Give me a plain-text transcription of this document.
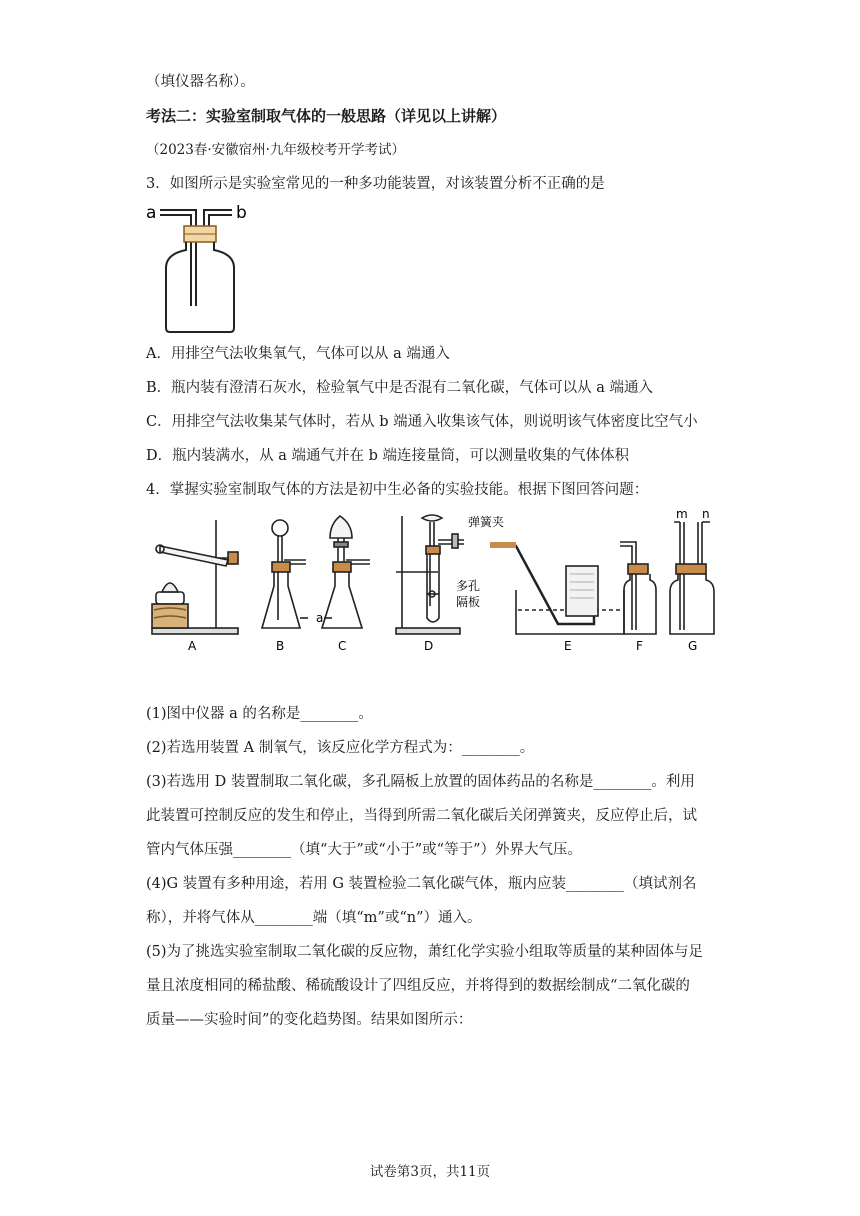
（填仪器名称）。
考法二：实验室制取气体的一般思路（详见以上讲解）
（2023春·安徽宿州·九年级校考开学考试）
3．如图所示是实验室常见的一种多功能装置，对该装置分析不正确的是
a	b
A．用排空气法收集氧气，气体可以从 a 端通入
B．瓶内装有澄清石灰水，检验氧气中是否混有二氧化碳，气体可以从 a 端通入
C．用排空气法收集某气体时，若从 b 端通入收集该气体，则说明该气体密度比空气小
D．瓶内装满水，从 a 端通气并在 b 端连接量筒，可以测量收集的气体体积
4．掌握实验室制取气体的方法是初中生必备的实验技能。根据下图回答问题：
a
弹簧夹
多孔
隔板
m n
A	B	C	D	E	F	G
(1)图中仪器 a 的名称是________。
(2)若选用装置 A 制氧气，该反应化学方程式为：________。
(3)若选用 D 装置制取二氧化碳，多孔隔板上放置的固体药品的名称是________。利用
此装置可控制反应的发生和停止，当得到所需二氧化碳后关闭弹簧夹，反应停止后，试
管内气体压强________（填“大于”或“小于”或“等于”）外界大气压。
(4)G 装置有多种用途，若用 G 装置检验二氧化碳气体，瓶内应装________（填试剂名
称），并将气体从________端（填“m”或“n”）通入。
(5)为了挑选实验室制取二氧化碳的反应物，萧红化学实验小组取等质量的某种固体与足
量且浓度相同的稀盐酸、稀硫酸设计了四组反应，并将得到的数据绘制成“二氧化碳的
质量——实验时间”的变化趋势图。结果如图所示：
试卷第3页，共11页
